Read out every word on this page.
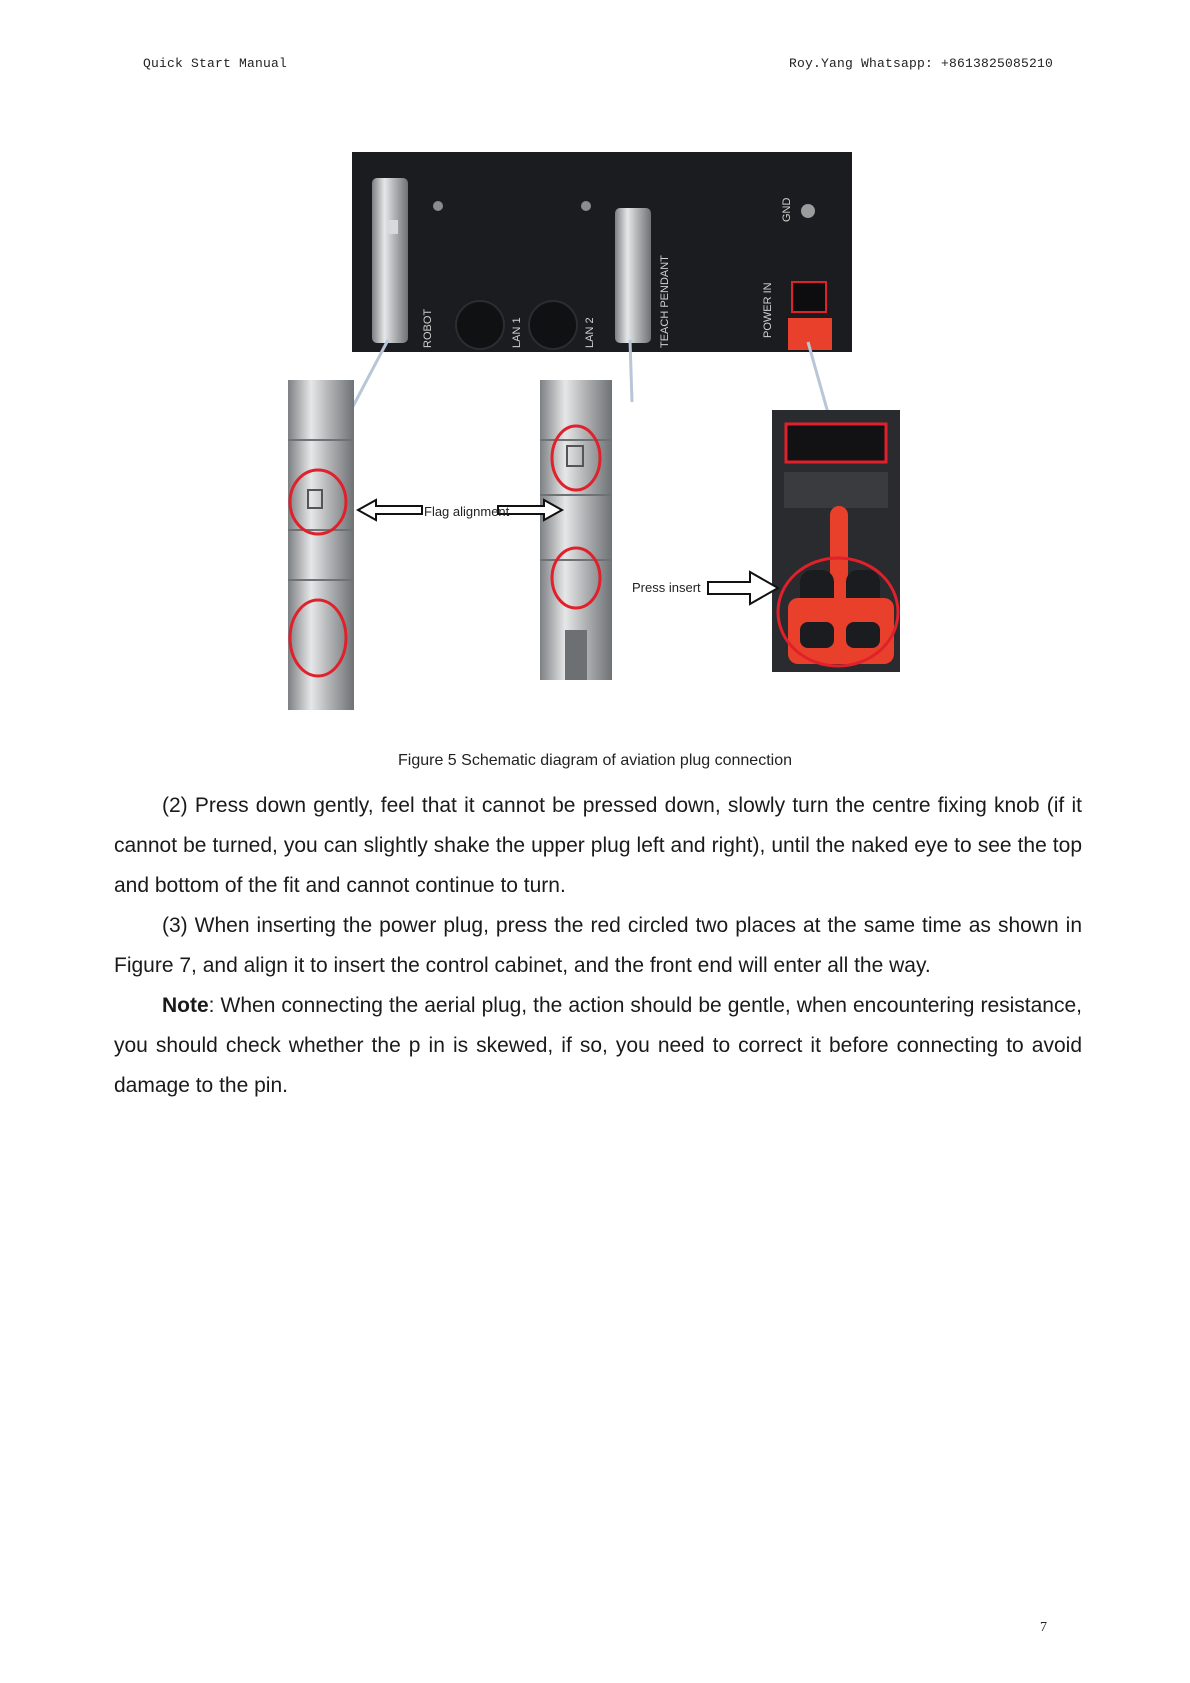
Quick Start Manual	Roy.Yang Whatsapp: +8613825085210
ROBOT	LAN 1	LAN 2	TEACH PENDANT	POWER IN
GND
Flag alignment
Press insert
Figure 5 Schematic diagram of aviation plug connection

(2) Press down gently, feel that it cannot be pressed down, slowly turn the centre fixing knob (if it cannot be turned, you can slightly shake the upper plug left and right), until the naked eye to see the top and bottom of the fit and cannot continue to turn.

(3) When inserting the power plug, press the red circled two places at the same time as shown in Figure 7, and align it to insert the control cabinet, and the front end will enter all the way.

Note: When connecting the aerial plug, the action should be gentle, when encountering resistance, you should check whether the p in is skewed, if so, you need to correct it before connecting to avoid damage to the pin.

7
